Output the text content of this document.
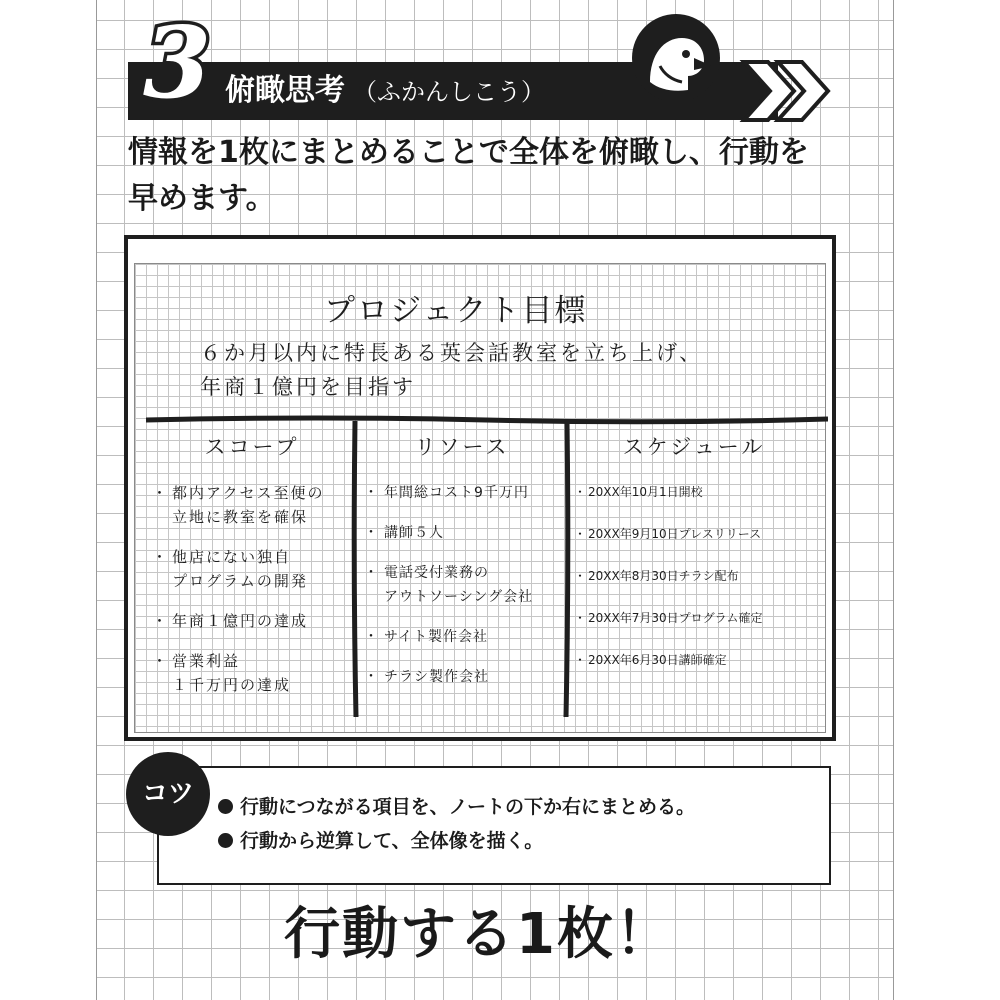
3 俯瞰思考 （ふかんしこう）
情報を1枚にまとめることで全体を俯瞰し、行動を
早めます。
プロジェクト目標
６か月以内に特長ある英会話教室を立ち上げ、
年商１億円を目指す
スコープ
・ 都内アクセス至便の
立地に教室を確保
・ 他店にない独自
プログラムの開発
・ 年商１億円の達成
・ 営業利益
１千万円の達成
リソース
・ 年間総コスト9千万円
・ 講師５人
・ 電話受付業務の
アウトソーシング会社
・ サイト製作会社
・ チラシ製作会社
スケジュール
・ 20XX年10月1日開校
・ 20XX年9月10日プレスリリース
・ 20XX年8月30日チラシ配布
・ 20XX年7月30日プログラム確定
・ 20XX年6月30日講師確定
コツ	行動につながる項目を、ノートの下か右にまとめる。
行動から逆算して、全体像を描く。
行動する1枚！
